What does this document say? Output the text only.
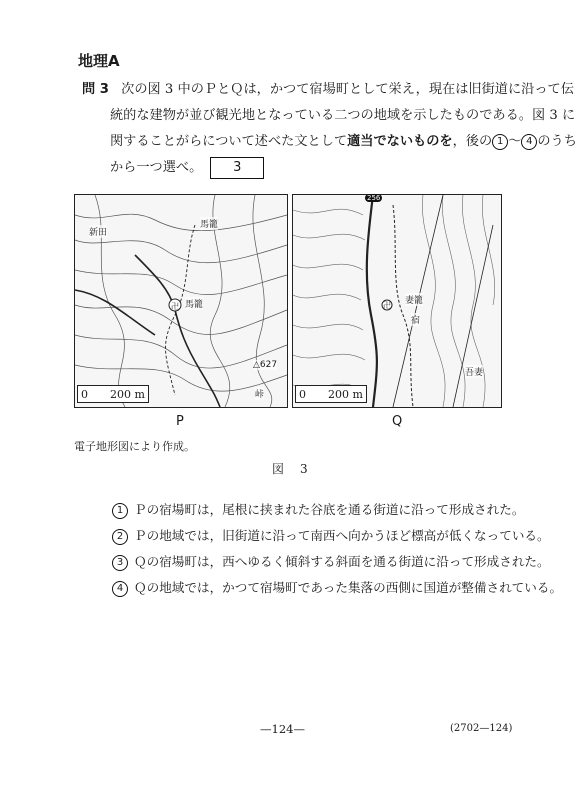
地理A
問 3 次の図 3 中のＰとＱは，かつて宿場町として栄え，現在は旧街道に沿って伝
統的な建物が並び観光地となっている二つの地域を示したものである。図 3 に
関することがらについて述べた文として適当でないものを，後の 1 ～ 4 のうち
から一つ選べ。 3
卍
新田
馬籠
馬籠
峠
△627
0　　200 m
卍
256
妻籠
宿
吾妻
0　　200 m
P	Q
電子地形図により作成。
図　3
1 Ｐの宿場町は，尾根に挟まれた谷底を通る街道に沿って形成された。
2 Ｐの地域では，旧街道に沿って南西へ向かうほど標高が低くなっている。
3 Ｑの宿場町は，西へゆるく傾斜する斜面を通る街道に沿って形成された。
4 Ｑの地域では，かつて宿場町であった集落の西側に国道が整備されている。
—124—	(2702—124)
